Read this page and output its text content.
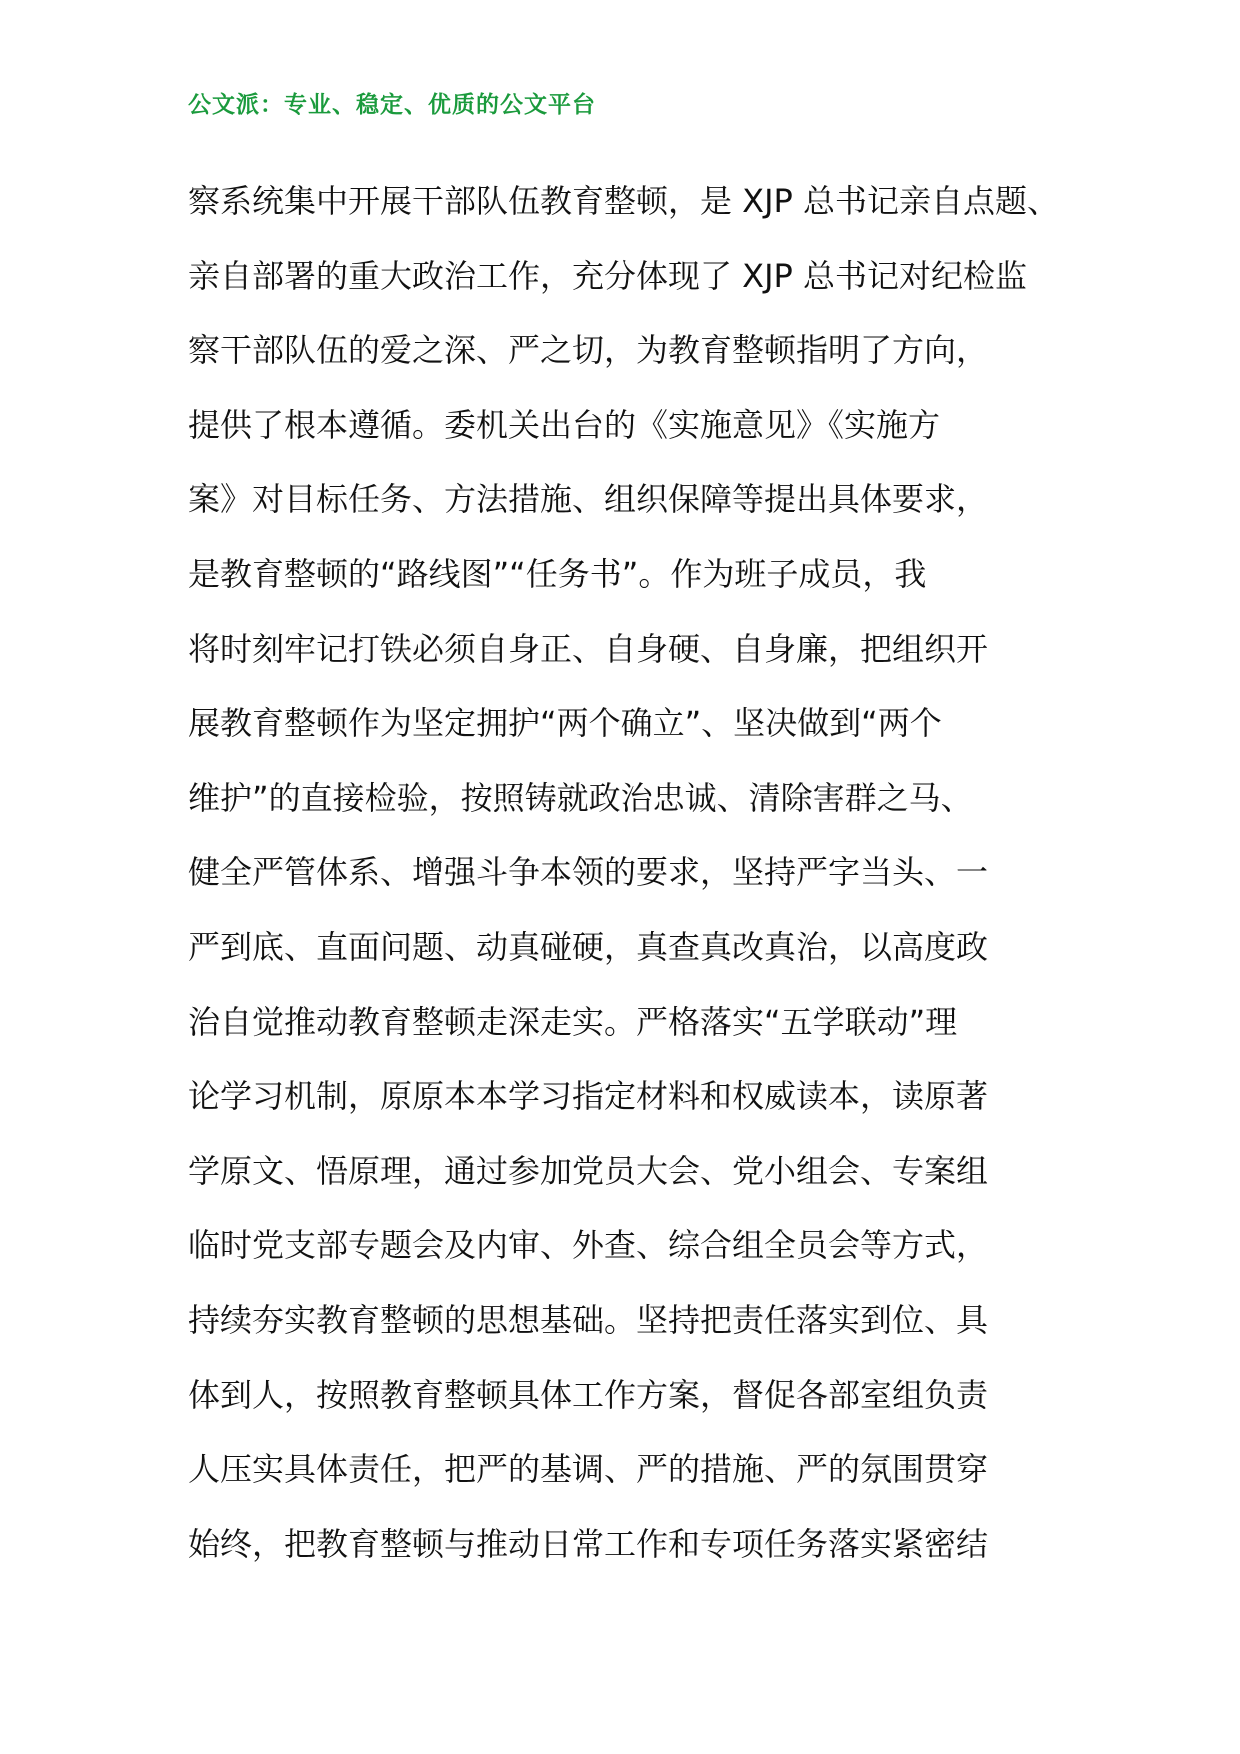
公文派：专业、稳定、优质的公文平台
察系统集中开展干部队伍教育整顿，是 XJP 总书记亲自点题、
亲自部署的重大政治工作，充分体现了 XJP 总书记对纪检监
察干部队伍的爱之深、严之切，为教育整顿指明了方向，
提供了根本遵循。委机关出台的《实施意见》《实施方
案》对目标任务、方法措施、组织保障等提出具体要求，
是教育整顿的“路线图”“任务书”。作为班子成员，我
将时刻牢记打铁必须自身正、自身硬、自身廉，把组织开
展教育整顿作为坚定拥护“两个确立”、坚决做到“两个
维护”的直接检验，按照铸就政治忠诚、清除害群之马、
健全严管体系、增强斗争本领的要求，坚持严字当头、一
严到底、直面问题、动真碰硬，真查真改真治，以高度政
治自觉推动教育整顿走深走实。严格落实“五学联动”理
论学习机制，原原本本学习指定材料和权威读本，读原著
学原文、悟原理，通过参加党员大会、党小组会、专案组
临时党支部专题会及内审、外查、综合组全员会等方式，
持续夯实教育整顿的思想基础。坚持把责任落实到位、具
体到人，按照教育整顿具体工作方案，督促各部室组负责
人压实具体责任，把严的基调、严的措施、严的氛围贯穿
始终，把教育整顿与推动日常工作和专项任务落实紧密结
